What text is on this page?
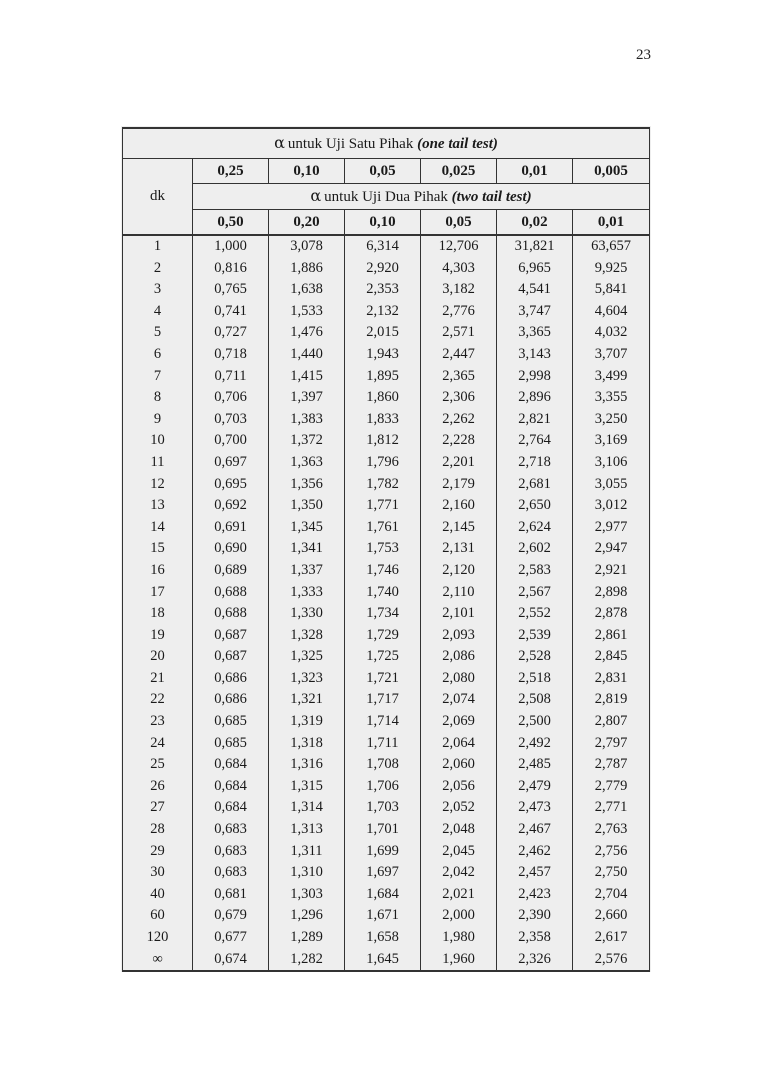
23
α untuk Uji Satu Pihak (one tail test)						
dk	0,25	0,10	0,05	0,025	0,01	0,005
	α untuk Uji Dua Pihak (two tail test)					
	0,50	0,20	0,10	0,05	0,02	0,01
1	1,000	3,078	6,314	12,706	31,821	63,657
2	0,816	1,886	2,920	4,303	6,965	9,925
3	0,765	1,638	2,353	3,182	4,541	5,841
4	0,741	1,533	2,132	2,776	3,747	4,604
5	0,727	1,476	2,015	2,571	3,365	4,032
6	0,718	1,440	1,943	2,447	3,143	3,707
7	0,711	1,415	1,895	2,365	2,998	3,499
8	0,706	1,397	1,860	2,306	2,896	3,355
9	0,703	1,383	1,833	2,262	2,821	3,250
10	0,700	1,372	1,812	2,228	2,764	3,169
11	0,697	1,363	1,796	2,201	2,718	3,106
12	0,695	1,356	1,782	2,179	2,681	3,055
13	0,692	1,350	1,771	2,160	2,650	3,012
14	0,691	1,345	1,761	2,145	2,624	2,977
15	0,690	1,341	1,753	2,131	2,602	2,947
16	0,689	1,337	1,746	2,120	2,583	2,921
17	0,688	1,333	1,740	2,110	2,567	2,898
18	0,688	1,330	1,734	2,101	2,552	2,878
19	0,687	1,328	1,729	2,093	2,539	2,861
20	0,687	1,325	1,725	2,086	2,528	2,845
21	0,686	1,323	1,721	2,080	2,518	2,831
22	0,686	1,321	1,717	2,074	2,508	2,819
23	0,685	1,319	1,714	2,069	2,500	2,807
24	0,685	1,318	1,711	2,064	2,492	2,797
25	0,684	1,316	1,708	2,060	2,485	2,787
26	0,684	1,315	1,706	2,056	2,479	2,779
27	0,684	1,314	1,703	2,052	2,473	2,771
28	0,683	1,313	1,701	2,048	2,467	2,763
29	0,683	1,311	1,699	2,045	2,462	2,756
30	0,683	1,310	1,697	2,042	2,457	2,750
40	0,681	1,303	1,684	2,021	2,423	2,704
60	0,679	1,296	1,671	2,000	2,390	2,660
120	0,677	1,289	1,658	1,980	2,358	2,617
∞	0,674	1,282	1,645	1,960	2,326	2,576
